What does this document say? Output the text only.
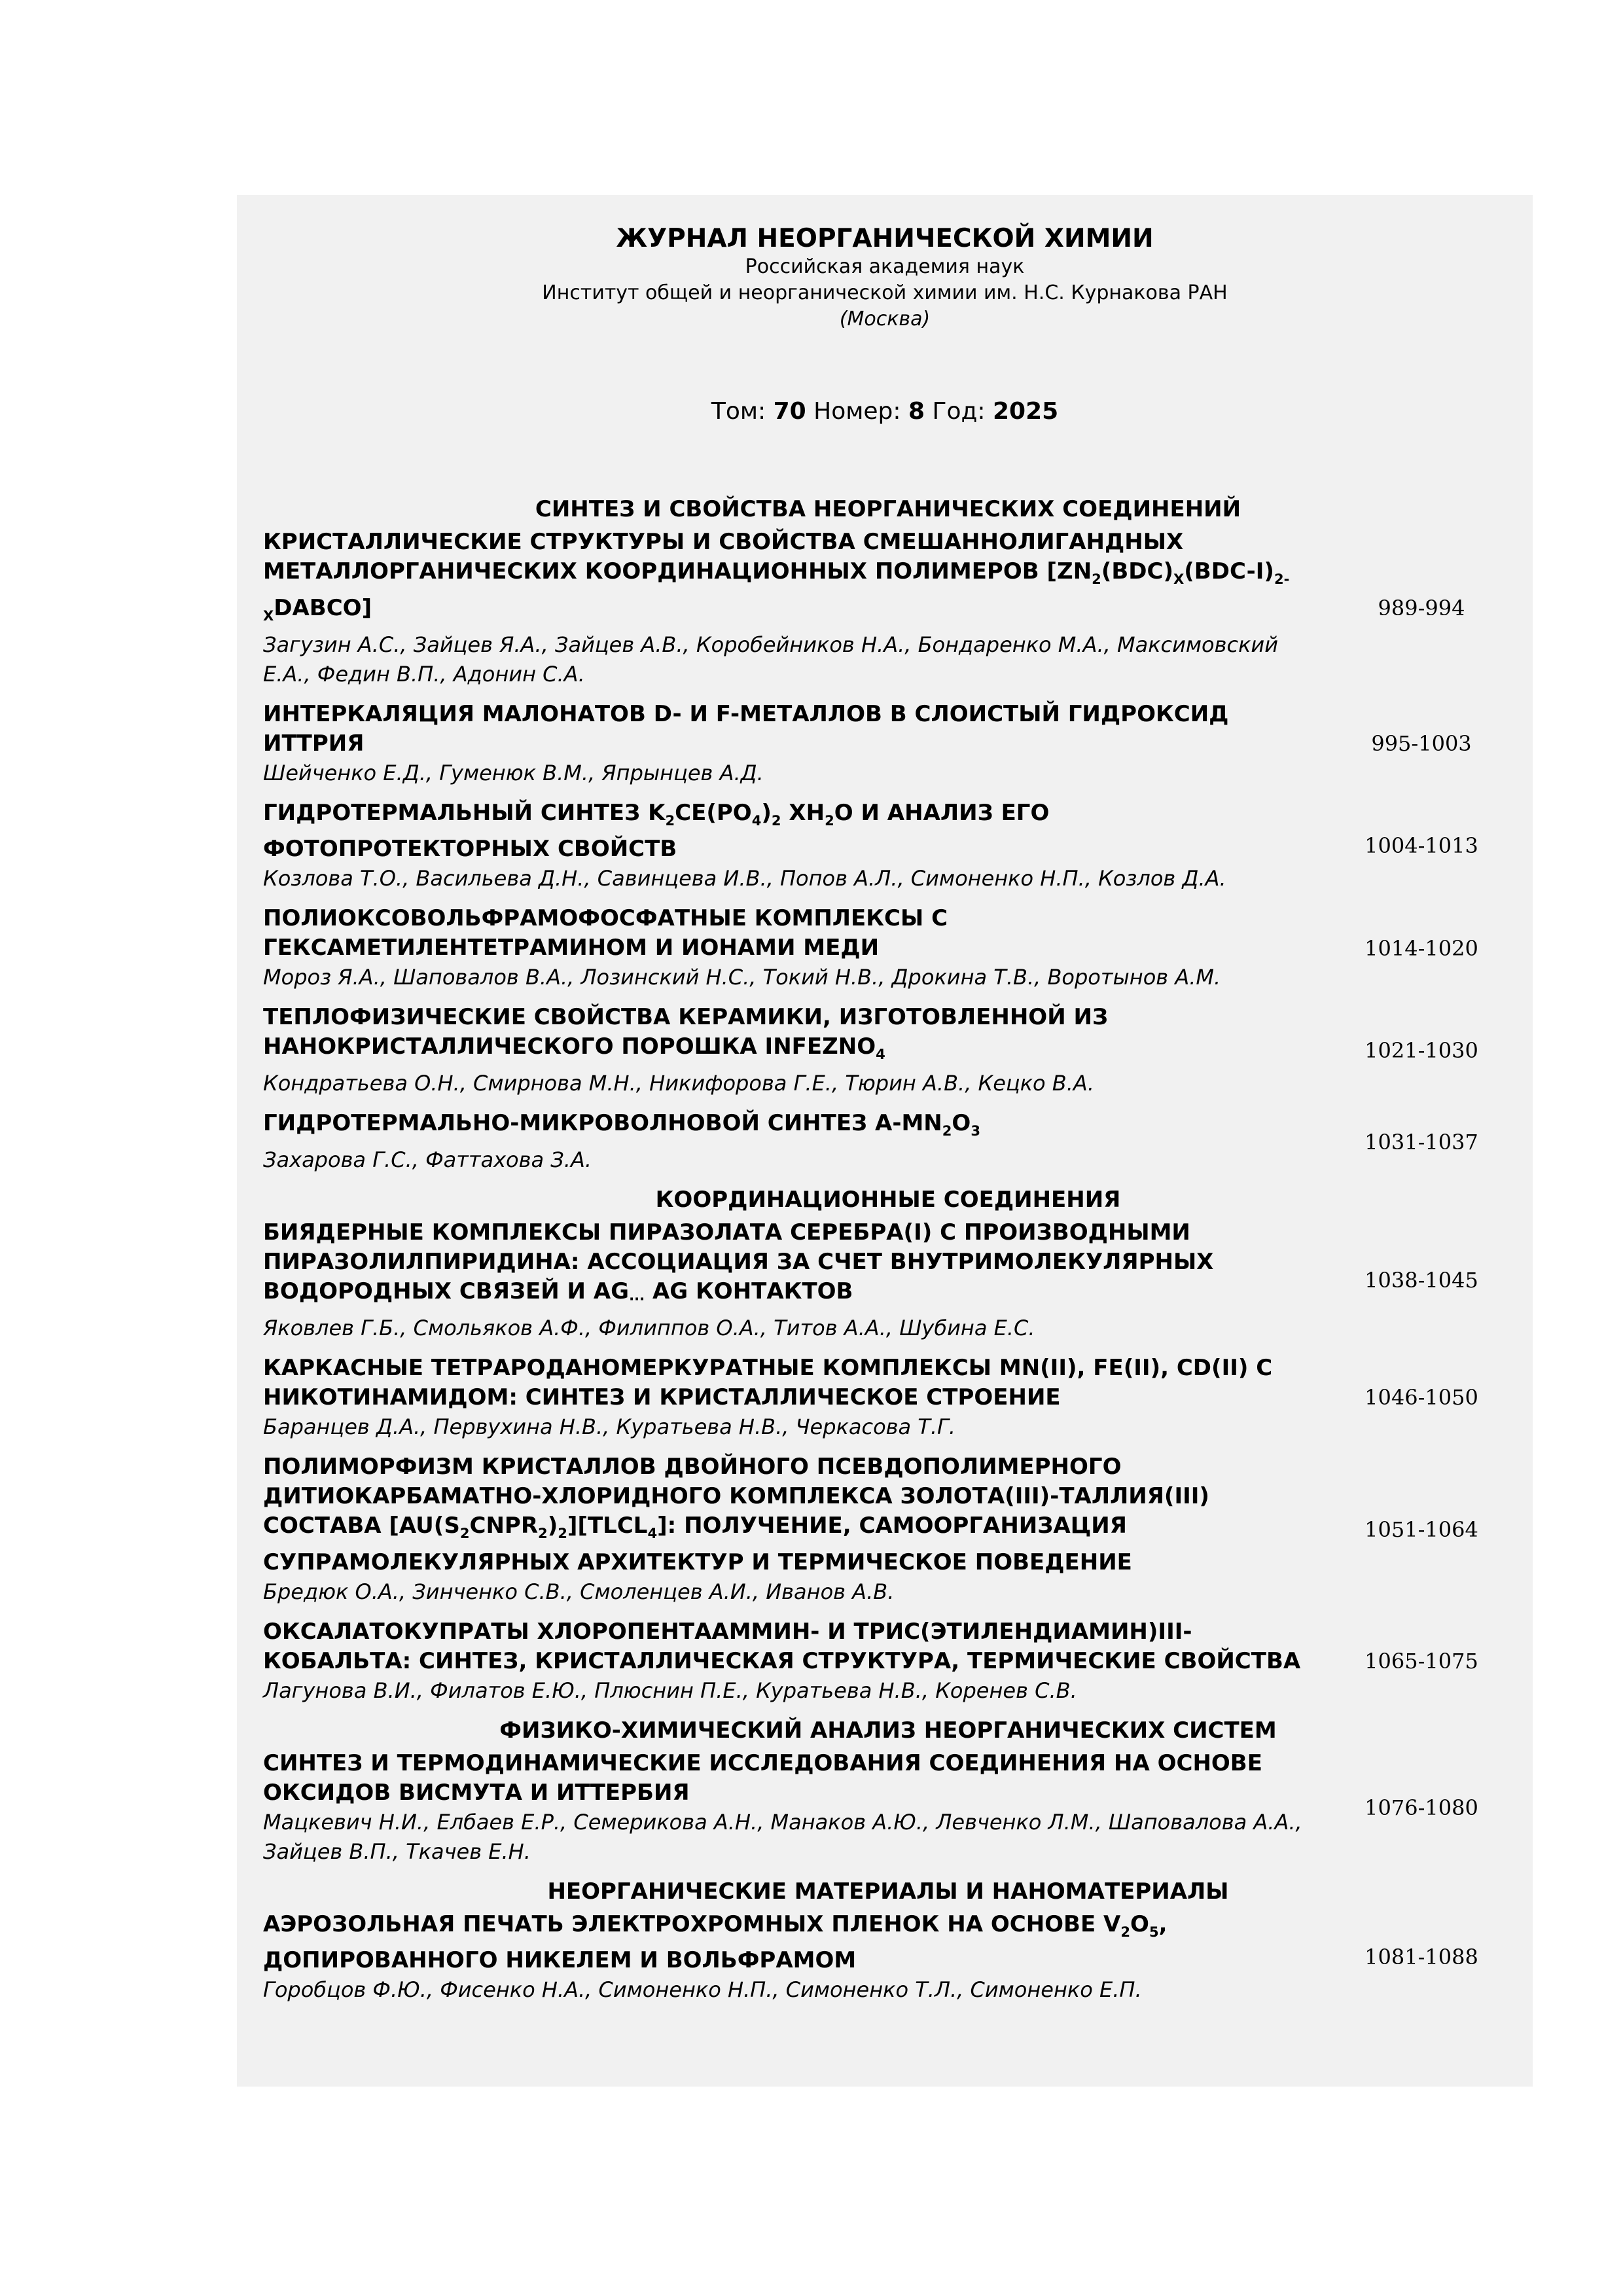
ЖУРНАЛ НЕОРГАНИЧЕСКОЙ ХИМИИ
Российская академия наук
Институт общей и неорганической химии им. Н.С. Курнакова РАН
(Москва)
Том: 70 Номер: 8 Год: 2025
СИНТЕЗ И СВОЙСТВА НЕОРГАНИЧЕСКИХ СОЕДИНЕНИЙ
КРИСТАЛЛИЧЕСКИЕ СТРУКТУРЫ И СВОЙСТВА СМЕШАННОЛИГАНДНЫХ МЕТАЛЛОРГАНИЧЕСКИХ КООРДИНАЦИОННЫХ ПОЛИМЕРОВ $[ZN_2(BDC)_X(BDC-I)_{2-X}DABCO]$
Загузин А.С., Зайцев Я.А., Зайцев А.В., Коробейников Н.А., Бондаренко М.А., Максимовский Е.А., Федин В.П., Адонин С.А.
989-994
ИНТЕРКАЛЯЦИЯ МАЛОНАТОВ D- И F-МЕТАЛЛОВ В СЛОИСТЫЙ ГИДРОКСИД ИТТРИЯ
Шейченко Е.Д., Гуменюк В.М., Япрынцев А.Д.
995-1003
ГИДРОТЕРМАЛЬНЫЙ СИНТЕЗ $K_2CE(PO_4)_2$ $XH_2O$ И АНАЛИЗ ЕГО ФОТОПРОТЕКТОРНЫХ СВОЙСТВ
Козлова Т.О., Васильева Д.Н., Савинцева И.В., Попов А.Л., Симоненко Н.П., Козлов Д.А.
1004-1013
ПОЛИОКСОВОЛЬФРАМОФОСФАТНЫЕ КОМПЛЕКСЫ С ГЕКСАМЕТИЛЕНТЕТРАМИНОМ И ИОНАМИ МЕДИ
Мороз Я.А., Шаповалов В.А., Лозинский Н.С., Токий Н.В., Дрокина Т.В., Воротынов А.М.
1014-1020
ТЕПЛОФИЗИЧЕСКИЕ СВОЙСТВА КЕРАМИКИ, ИЗГОТОВЛЕННОЙ ИЗ НАНОКРИСТАЛЛИЧЕСКОГО ПОРОШКА $INFEZNO_4$
Кондратьева О.Н., Смирнова М.Н., Никифорова Г.Е., Тюрин А.В., Кецко В.А.
1021-1030
ГИДРОТЕРМАЛЬНО-МИКРОВОЛНОВОЙ СИНТЕЗ $A-MN_2O_3$
Захарова Г.С., Фаттахова З.А.
1031-1037
КООРДИНАЦИОННЫЕ СОЕДИНЕНИЯ
БИЯДЕРНЫЕ КОМПЛЕКСЫ ПИРАЗОЛАТА СЕРЕБРА(I) С ПРОИЗВОДНЫМИ ПИРАЗОЛИЛПИРИДИНА: АССОЦИАЦИЯ ЗА СЧЕТ ВНУТРИМОЛЕКУЛЯРНЫХ ВОДОРОДНЫХ СВЯЗЕЙ И $AG_{\cdot\cdot\cdot}$ AG КОНТАКТОВ
Яковлев Г.Б., Смольяков А.Ф., Филиппов О.А., Титов А.А., Шубина Е.С.
1038-1045
КАРКАСНЫЕ ТЕТРАРОДАНОМЕРКУРАТНЫЕ КОМПЛЕКСЫ MN(II), FE(II), CD(II) С НИКОТИНАМИДОМ: СИНТЕЗ И КРИСТАЛЛИЧЕСКОЕ СТРОЕНИЕ
Баранцев Д.А., Первухина Н.В., Куратьева Н.В., Черкасова Т.Г.
1046-1050
ПОЛИМОРФИЗМ КРИСТАЛЛОВ ДВОЙНОГО ПСЕВДОПОЛИМЕРНОГО ДИТИОКАРБАМАТНО-ХЛОРИДНОГО КОМПЛЕКСА ЗОЛОТА(III)-ТАЛЛИЯ(III) СОСТАВА $[AU(S_2CNPR_2)_2][TLCL_4]$: ПОЛУЧЕНИЕ, САМООРГАНИЗАЦИЯ СУПРАМОЛЕКУЛЯРНЫХ АРХИТЕКТУР И ТЕРМИЧЕСКОЕ ПОВЕДЕНИЕ
Бредюк О.А., Зинченко С.В., Смоленцев А.И., Иванов А.В.
1051-1064
ОКСАЛАТОКУПРАТЫ ХЛОРОПЕНТААММИН- И ТРИС(ЭТИЛЕНДИАМИН)III-КОБАЛЬТА: СИНТЕЗ, КРИСТАЛЛИЧЕСКАЯ СТРУКТУРА, ТЕРМИЧЕСКИЕ СВОЙСТВА
Лагунова В.И., Филатов Е.Ю., Плюснин П.Е., Куратьева Н.В., Коренев С.В.
1065-1075
ФИЗИКО-ХИМИЧЕСКИЙ АНАЛИЗ НЕОРГАНИЧЕСКИХ СИСТЕМ
СИНТЕЗ И ТЕРМОДИНАМИЧЕСКИЕ ИССЛЕДОВАНИЯ СОЕДИНЕНИЯ НА ОСНОВЕ ОКСИДОВ ВИСМУТА И ИТТЕРБИЯ
Мацкевич Н.И., Елбаев Е.Р., Семерикова А.Н., Манаков А.Ю., Левченко Л.М., Шаповалова А.А., Зайцев В.П., Ткачев Е.Н.
1076-1080
НЕОРГАНИЧЕСКИЕ МАТЕРИАЛЫ И НАНОМАТЕРИАЛЫ
АЭРОЗОЛЬНАЯ ПЕЧАТЬ ЭЛЕКТРОХРОМНЫХ ПЛЕНОК НА ОСНОВЕ $V_2O_5$, ДОПИРОВАННОГО НИКЕЛЕМ И ВОЛЬФРАМОМ
Горобцов Ф.Ю., Фисенко Н.А., Симоненко Н.П., Симоненко Т.Л., Симоненко Е.П.
1081-1088
